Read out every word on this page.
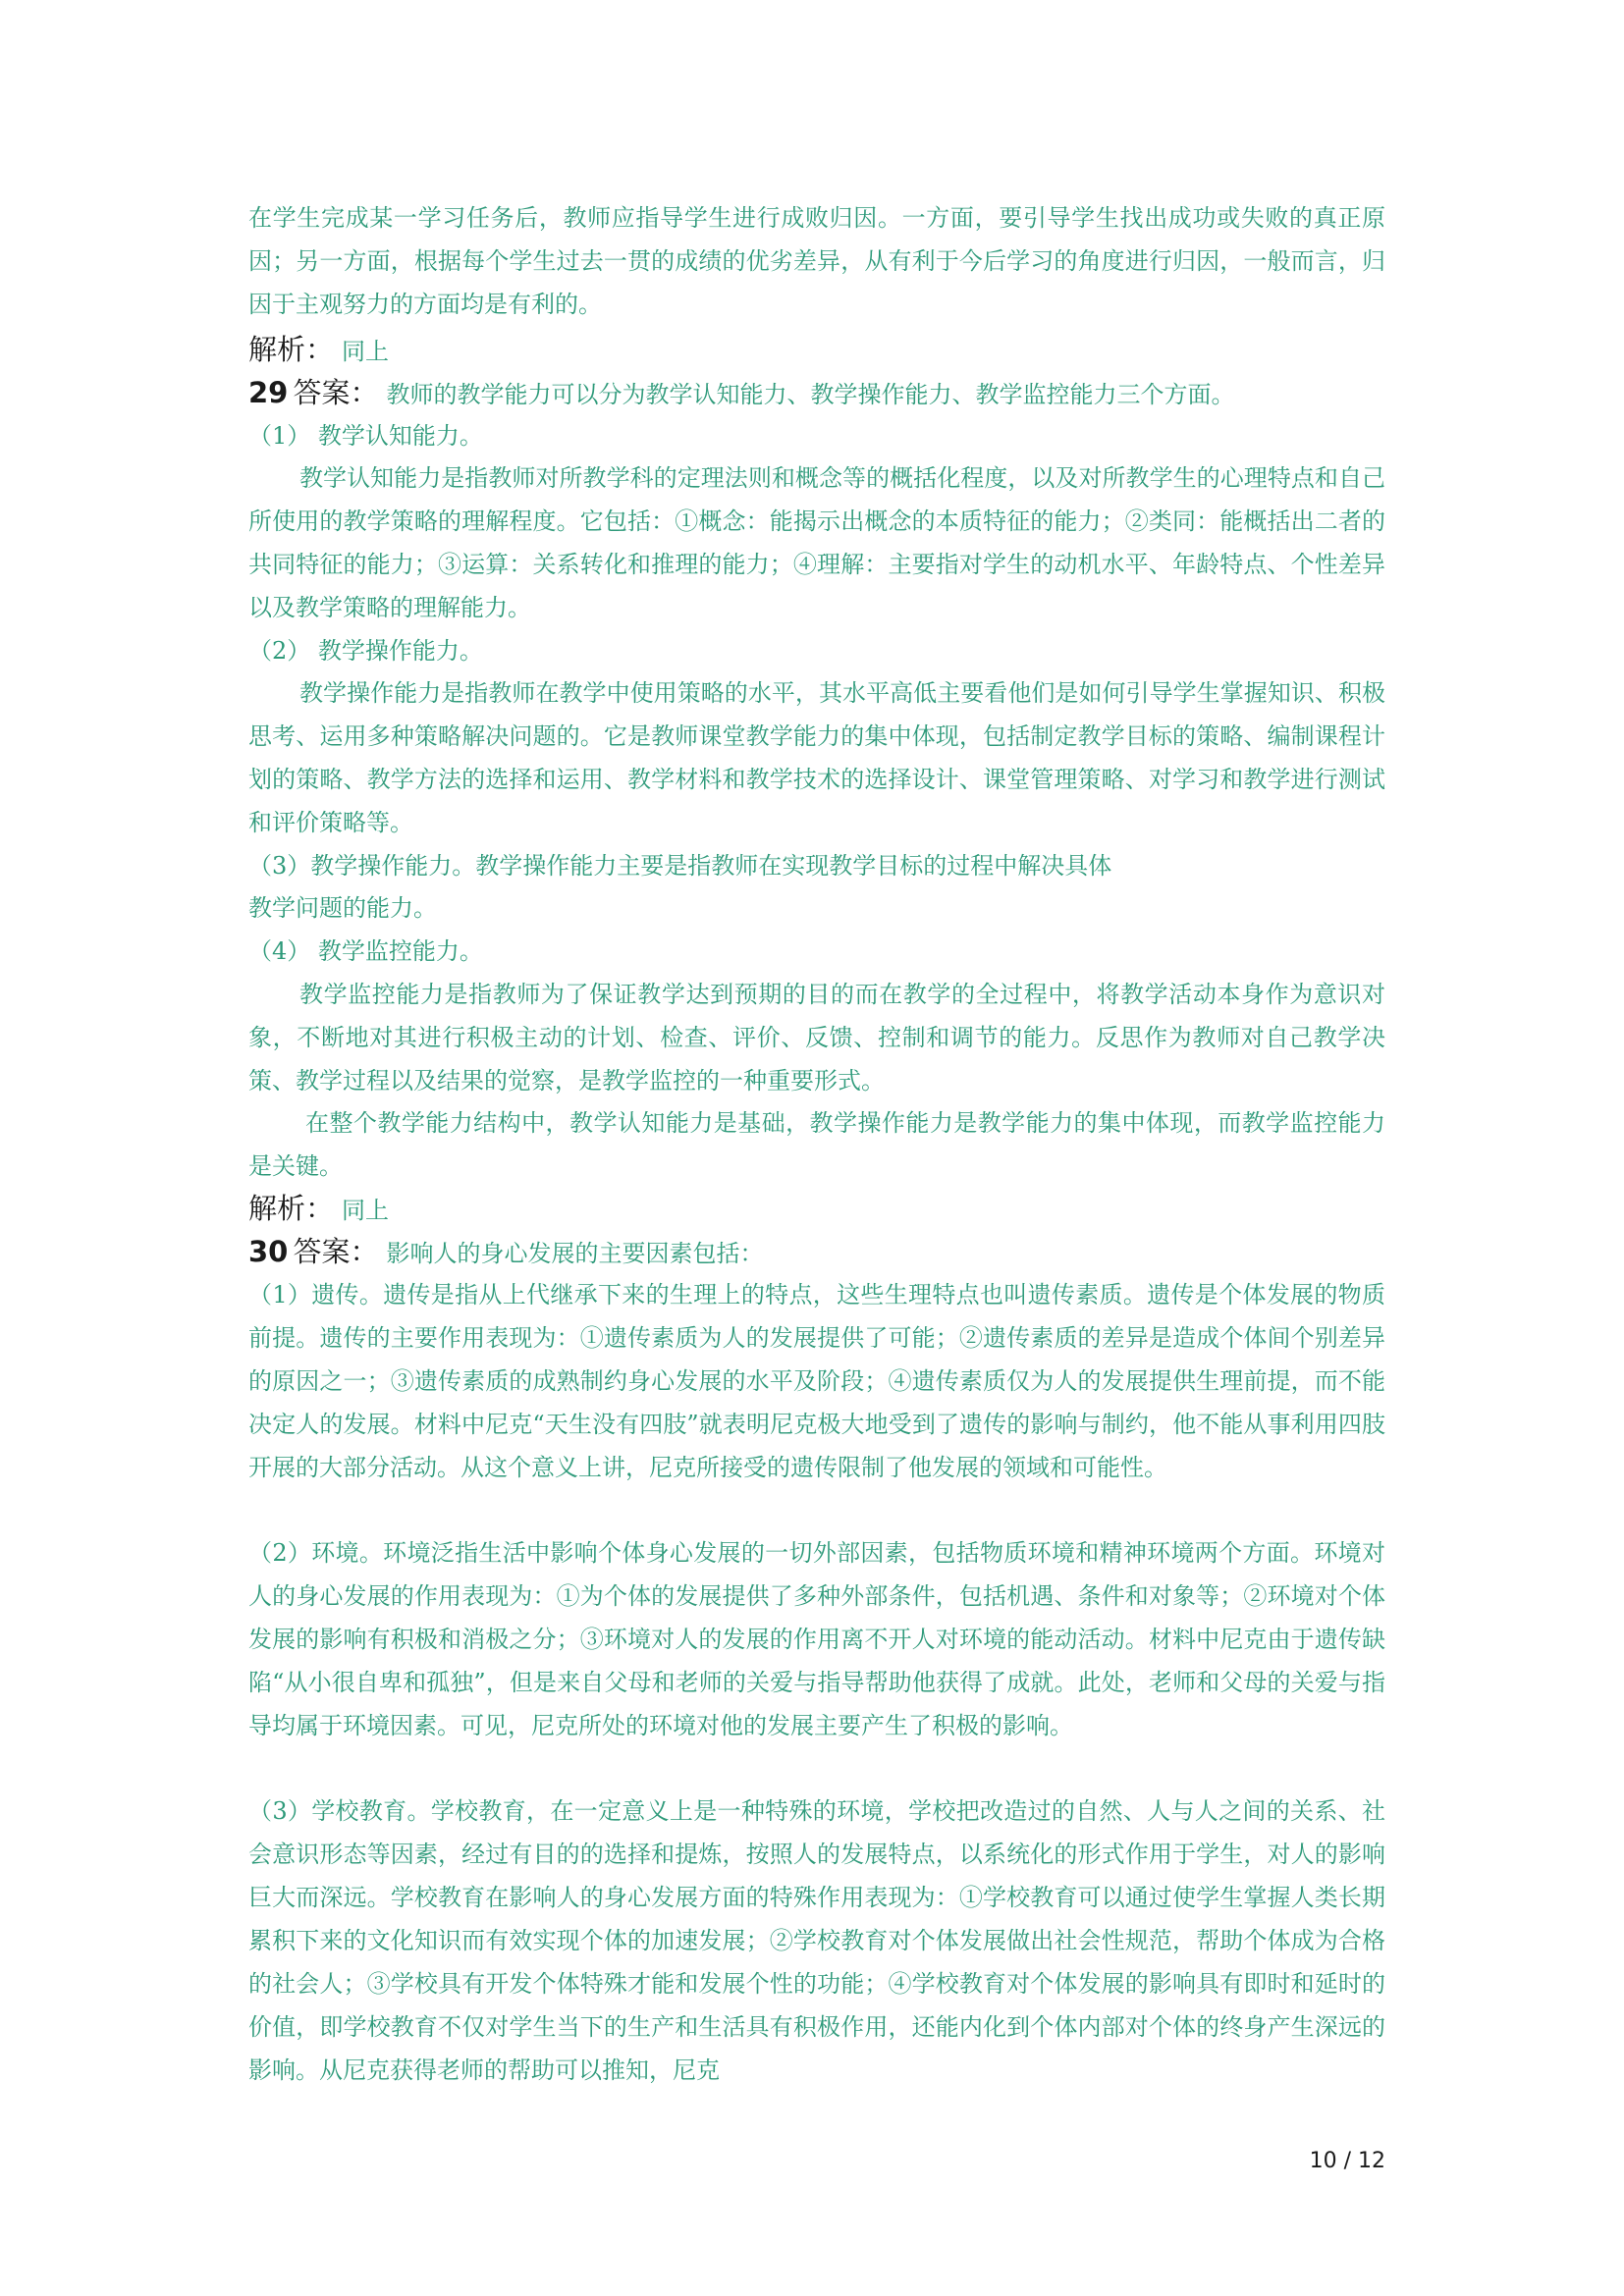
在学生完成某一学习任务后，教师应指导学生进行成败归因。一方面，要引导学生找出成功或失败的真正原因；另一方面，根据每个学生过去一贯的成绩的优劣差异，从有利于今后学习的角度进行归因，一般而言，归因于主观努力的方面均是有利的。

解析： 同上
29 答案： 教师的教学能力可以分为教学认知能力、教学操作能力、教学监控能力三个方面。

（1） 教学认知能力。

教学认知能力是指教师对所教学科的定理法则和概念等的概括化程度，以及对所教学生的心理特点和自己所使用的教学策略的理解程度。它包括：①概念：能揭示出概念的本质特征的能力；②类同：能概括出二者的共同特征的能力；③运算：关系转化和推理的能力；④理解：主要指对学生的动机水平、年龄特点、个性差异以及教学策略的理解能力。

（2） 教学操作能力。

教学操作能力是指教师在教学中使用策略的水平，其水平高低主要看他们是如何引导学生掌握知识、积极思考、运用多种策略解决问题的。它是教师课堂教学能力的集中体现，包括制定教学目标的策略、编制课程计划的策略、教学方法的选择和运用、教学材料和教学技术的选择设计、课堂管理策略、对学习和教学进行测试和评价策略等。

（3）教学操作能力。教学操作能力主要是指教师在实现教学目标的过程中解决具体

教学问题的能力。

（4） 教学监控能力。

教学监控能力是指教师为了保证教学达到预期的目的而在教学的全过程中，将教学活动本身作为意识对象，不断地对其进行积极主动的计划、检查、评价、反馈、控制和调节的能力。反思作为教师对自己教学决策、教学过程以及结果的觉察，是教学监控的一种重要形式。

在整个教学能力结构中，教学认知能力是基础，教学操作能力是教学能力的集中体现，而教学监控能力是关键。

解析： 同上
30 答案： 影响人的身心发展的主要因素包括：

（1）遗传。遗传是指从上代继承下来的生理上的特点，这些生理特点也叫遗传素质。遗传是个体发展的物质前提。遗传的主要作用表现为：①遗传素质为人的发展提供了可能；②遗传素质的差异是造成个体间个别差异的原因之一；③遗传素质的成熟制约身心发展的水平及阶段；④遗传素质仅为人的发展提供生理前提，而不能决定人的发展。材料中尼克“天生没有四肢”就表明尼克极大地受到了遗传的影响与制约，他不能从事利用四肢开展的大部分活动。从这个意义上讲，尼克所接受的遗传限制了他发展的领域和可能性。

（2）环境。环境泛指生活中影响个体身心发展的一切外部因素，包括物质环境和精神环境两个方面。环境对人的身心发展的作用表现为：①为个体的发展提供了多种外部条件，包括机遇、条件和对象等；②环境对个体发展的影响有积极和消极之分；③环境对人的发展的作用离不开人对环境的能动活动。材料中尼克由于遗传缺陷“从小很自卑和孤独”，但是来自父母和老师的关爱与指导帮助他获得了成就。此处，老师和父母的关爱与指导均属于环境因素。可见，尼克所处的环境对他的发展主要产生了积极的影响。

（3）学校教育。学校教育，在一定意义上是一种特殊的环境，学校把改造过的自然、人与人之间的关系、社会意识形态等因素，经过有目的的选择和提炼，按照人的发展特点，以系统化的形式作用于学生，对人的影响巨大而深远。学校教育在影响人的身心发展方面的特殊作用表现为：①学校教育可以通过使学生掌握人类长期累积下来的文化知识而有效实现个体的加速发展；②学校教育对个体发展做出社会性规范，帮助个体成为合格的社会人；③学校具有开发个体特殊才能和发展个性的功能；④学校教育对个体发展的影响具有即时和延时的价值，即学校教育不仅对学生当下的生产和生活具有积极作用，还能内化到个体内部对个体的终身产生深远的影响。从尼克获得老师的帮助可以推知，尼克

10 / 12
